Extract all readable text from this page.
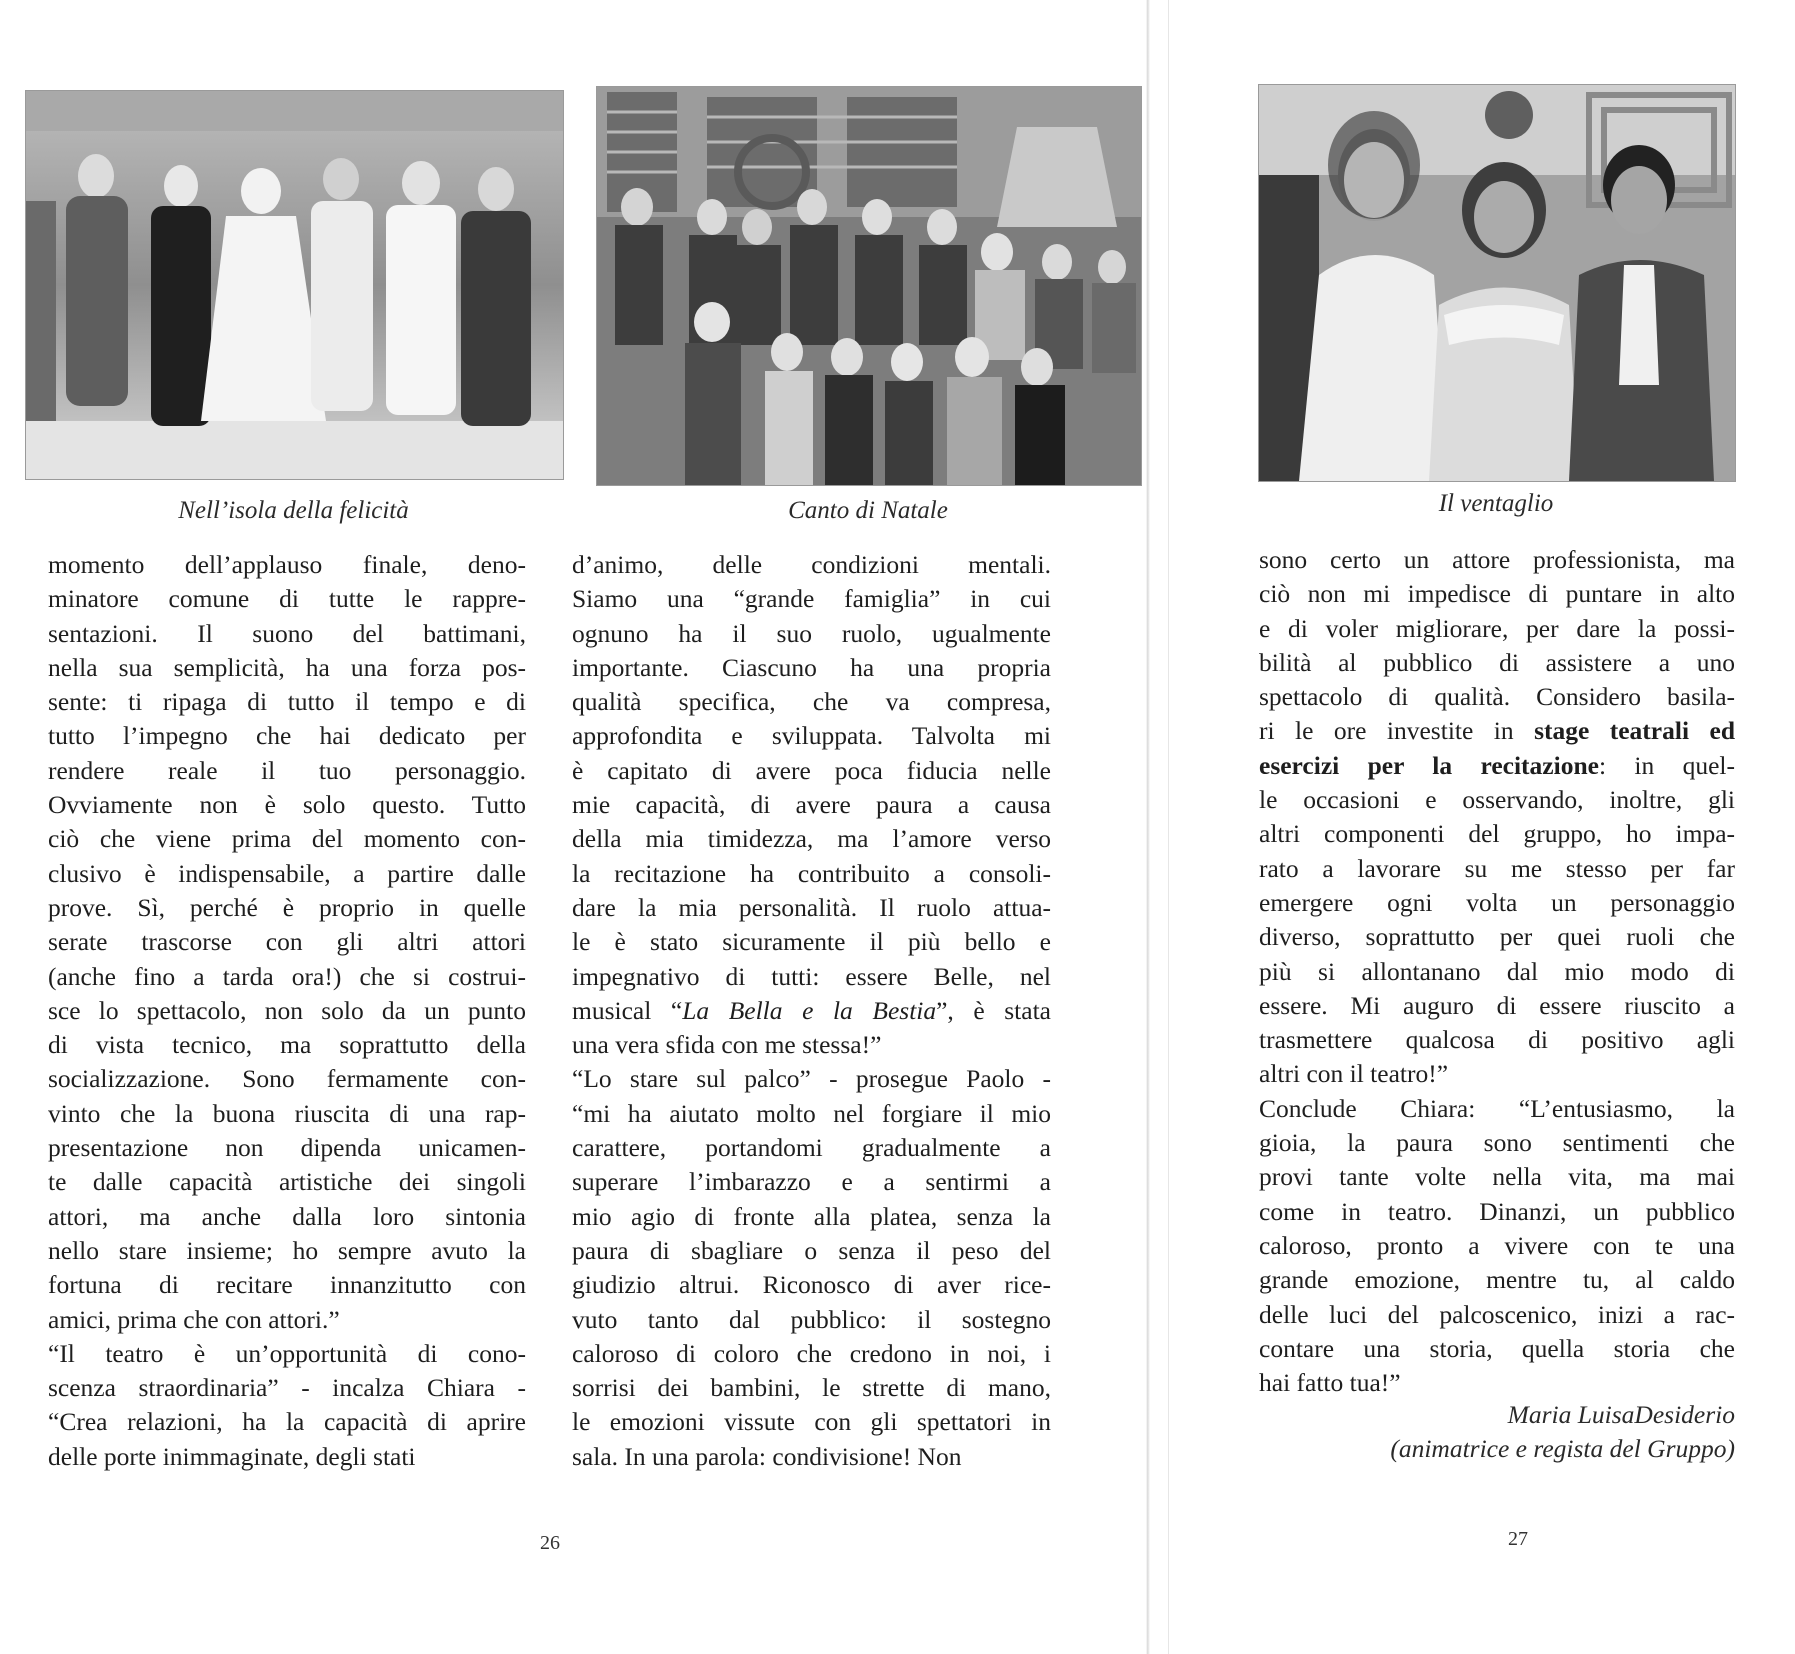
Nell’isola della felicità	Canto di Natale	Il ventaglio
momento dell’applauso finale, deno-
minatore comune di tutte le rappre-
sentazioni. Il suono del battimani,
nella sua semplicità, ha una forza pos-
sente: ti ripaga di tutto il tempo e di
tutto l’impegno che hai dedicato per
rendere reale il tuo personaggio.
Ovviamente non è solo questo. Tutto
ciò che viene prima del momento con-
clusivo è indispensabile, a partire dalle
prove. Sì, perché è proprio in quelle
serate trascorse con gli altri attori
(anche fino a tarda ora!) che si costrui-
sce lo spettacolo, non solo da un punto
di vista tecnico, ma soprattutto della
socializzazione. Sono fermamente con-
vinto che la buona riuscita di una rap-
presentazione non dipenda unicamen-
te dalle capacità artistiche dei singoli
attori, ma anche dalla loro sintonia
nello stare insieme; ho sempre avuto la
fortuna di recitare innanzitutto con
amici, prima che con attori.”
“Il teatro è un’opportunità di cono-
scenza straordinaria” - incalza Chiara -
“Crea relazioni, ha la capacità di aprire
delle porte inimmaginate, degli stati
d’animo, delle condizioni mentali.
Siamo una “grande famiglia” in cui
ognuno ha il suo ruolo, ugualmente
importante. Ciascuno ha una propria
qualità specifica, che va compresa,
approfondita e sviluppata. Talvolta mi
è capitato di avere poca fiducia nelle
mie capacità, di avere paura a causa
della mia timidezza, ma l’amore verso
la recitazione ha contribuito a consoli-
dare la mia personalità. Il ruolo attua-
le è stato sicuramente il più bello e
impegnativo di tutti: essere Belle, nel
musical “La Bella e la Bestia”, è stata
una vera sfida con me stessa!”
“Lo stare sul palco” - prosegue Paolo -
“mi ha aiutato molto nel forgiare il mio
carattere, portandomi gradualmente a
superare l’imbarazzo e a sentirmi a
mio agio di fronte alla platea, senza la
paura di sbagliare o senza il peso del
giudizio altrui. Riconosco di aver rice-
vuto tanto dal pubblico: il sostegno
caloroso di coloro che credono in noi, i
sorrisi dei bambini, le strette di mano,
le emozioni vissute con gli spettatori in
sala. In una parola: condivisione! Non
sono certo un attore professionista, ma
ciò non mi impedisce di puntare in alto
e di voler migliorare, per dare la possi-
bilità al pubblico di assistere a uno
spettacolo di qualità. Considero basila-
ri le ore investite in stage teatrali ed
esercizi per la recitazione: in quel-
le occasioni e osservando, inoltre, gli
altri componenti del gruppo, ho impa-
rato a lavorare su me stesso per far
emergere ogni volta un personaggio
diverso, soprattutto per quei ruoli che
più si allontanano dal mio modo di
essere. Mi auguro di essere riuscito a
trasmettere qualcosa di positivo agli
altri con il teatro!”
Conclude Chiara: “L’entusiasmo, la
gioia, la paura sono sentimenti che
provi tante volte nella vita, ma mai
come in teatro. Dinanzi, un pubblico
caloroso, pronto a vivere con te una
grande emozione, mentre tu, al caldo
delle luci del palcoscenico, inizi a rac-
contare una storia, quella storia che
hai fatto tua!”
Maria LuisaDesiderio
(animatrice e regista del Gruppo)
26	27
